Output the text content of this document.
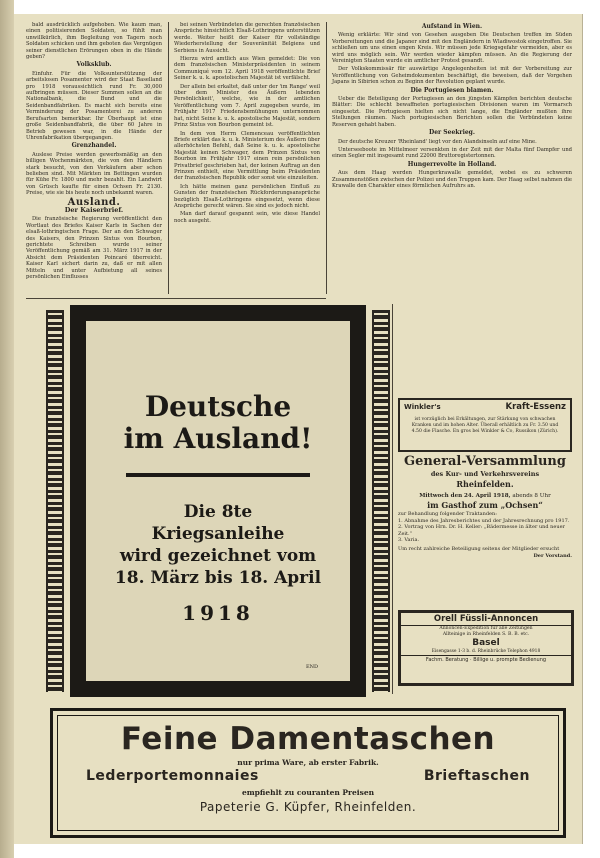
bald ausdrücklich aufgehoben. Wie kaum man, einen politisierenden Soldaten, so fühlt man unwillkürlich, ihm Begleitung von Tagern noch Soldaten schicken und ihm geboten das Vergnügen seiner dienstlichen Erörungen oben in die Hände geben?

Volksklub.

Einfuhr. Für die Volksunterstützung der arbeitslosen Posamenter wird der Staat Baselland pro 1918 voraussichtlich rund Fr. 30,000 aufbringen müssen. Dieser Summen sollen an die Nationalbank, die Bund und die Seidenbandfabriken. Es macht sich bereits eine Verminderung der Posamenterei zu anderen Berufsarten bemerkbar. Ihr Überhaupt ist eine große Seidenbandfabrik, die über 60 Jahre in Betrieb gewesen war, in die Hände der Uhrenfabrikation übergegangen.

Grenzhandel.

Auslese Preise werden gewerbsmäßig an den billigen Wochenmärkten, die von den Händlern stark besucht, von den Verkäufern aber schon belieben sind. Mit Märkten im Bettingen wurden für Kühe Fr. 1800 und mehr bezahlt. Ein Landwirt von Grüsch kaufte für einen Ochsen Fr. 2130. Preise, wie sie bis heute noch unbekannt waren.

Ausland.
Der Kaiserbrief.

Die französische Regierung veröffentlicht den Wortlaut des Briefes Kaiser Karls in Sachen der elsaß-lothringischen Frage. Der an den Schwager des Kaisers, den Prinzen Sixtus von Bourbon, gerichtete Schreiben wurde seiner Veröffentlichung gemäß am 31. März 1917 in der Absicht dem Präsidenten Poincaré überreicht. Kaiser Karl sichert darin zu, daß er mit allen Mitteln und unter Aufbietung all seines persönlichen Einflusses

bei seinen Verbündeten die gerechten französischen Ansprüche hinsichtlich Elsaß-Lothringens unterstützen werde. Weiter heißt der Kaiser für vollständige Wiederherstellung der Souveränität Belgiens und Serbiens in Aussicht.

Hierzu wird amtlich aus Wien gemeldet: Die von dem französischen Ministerpräsidenten in seinem Communiqué vom 12. April 1918 veröffentlichte Brief Seiner k. u. k. apostolischen Majestät ist verfälscht.

Der allein bei erkaltet, daß unter der 'im Range' weil über dem Minister des Äußern lebenden Persönlichkeit', welche, wie in der amtlichen Veröffentlichung vom 7. April zugegeben wurde, im Frühjahr 1917 Friedensbemühungen unternommen hat, nicht Seine k. u. k. apostolische Majestät, sondern Prinz Sixtus von Bourbon gemeint ist.

In dem von Herrn Clemenceau veröffentlichten Briefe erklärt das k. u. k. Ministerium des Äußern über allerhöchsten Befehl, daß Seine k. u. k. apostolische Majestät keinen Schwager, dem Prinzen Sixtus von Bourbon im Frühjahr 1917 einen rein persönlichen Privatbrief geschrieben hat, der keinen Auftrag an den Prinzen enthielt, eine Vermittlung beim Präsidenten der französischen Republik oder sonst wie einzuleiten.

Ich hätte meinen ganz persönlichen Einfluß zu Gunsten der französischen Rückforderungsansprüche bezüglich Elsaß-Lothringens eingesetzt, wenn diese Ansprüche gerecht wären. Sie sind es jedoch nicht.

Man darf darauf gespannt sein, wie diese Handel noch ausgeht.

Aufstand in Wien.

Wenig erklärte: Wir sind von Gesehen ausgeben Die Deutschen treffen im Süden Vorbereitungen und die Japaner sind mit den Engländern in Wladiwostok eingetroffen. Sie schließen um uns einen engen Kreis. Wir müssen jede Kriegsgefahr vermeiden, aber es wird uns möglich sein. Wir werden wieder kämpfen müssen. An die Regierung der Vereinigten Staaten wurde ein amtlicher Protest gesandt.

Der Volkskommissär für auswärtige Angelegenheiten ist mit der Vorbereitung zur Veröffentlichung von Geheimdokumenten beschäftigt, die beweisen, daß der Vorgehen Japans in Sibirien schon zu Beginn der Revolution geplant wurde.

Die Portugiesen blamen.

Ueber die Beteiligung der Portugiesen an den jüngsten Kämpfen berichten deutsche Blätter: Die schlecht bewaffneten portugiesischen Divisionen waren im Vormarsch eingesetzt. Die Portugiesen hielten sich nicht lange, die Engländer mußten ihre Stellungen räumen. Nach portugiesischen Berichten sollen die Verbündeten keine Reserven gehabt haben.

Der Seekrieg.

Der deutsche Kreuzer 'Rheinland' liegt vor den Alandsinseln auf eine Mine.

Unterseeboote im Mittelmeer versenkten in der Zeit mit der Malta fünf Dampfer und einen Segler mit insgesamt rund 22000 Bruttoregistertonnen.

Hungerrevolte in Holland.

Aus dem Haag werden Hungerkrawalle gemeldet, wobei es zu schweren Zusammenstößen zwischen der Polizei und den Truppen kam. Der Haag selbst nahmen die Krawalle den Charakter eines förmlichen Aufruhrs an.

Deutsche
im Ausland!
Die 8te
Kriegsanleihe
wird gezeichnet vom
18. März bis 18. April
1918
END
Winkler's	Kraft-Essenz
ist vorzüglich bei Erkältungen, zur Stärkung von schwachen Kranken und im hohen Alter. Überall erhältlich zu Fr. 3.50 und 4.50 die Flasche. En gros bei Winkler & Co, Russikon (Zürich).
General-Versammlung
des Kur- und Verkehrsvereins
Rheinfelden.
Mittwoch den 24. April 1918, abends 8 Uhr
im Gasthof zum „Ochsen“
zur Behandlung folgender Traktanden:
1. Abnahme des Jahresberichtes und der Jahresrechnung pro 1917.
2. Vortrag von Hrn. Dr. H. Keller: „Bädermesse in älter und neuer Zeit.“
3. Varia.
Um recht zahlreiche Beteiligung seitens der Mitglieder ersucht
Der Vorstand.
Orell Füssli-Annoncen
Annoncen-Expedition für alle Zeitungen
Allteinige in Rheinfelden S. B. B. etc.
Basel
Eisengasse 1-3 b. d. Rheinbrücke Telephon 4918
Fachm. Beratung · Billige u. prompte Bedienung
Feine Damentaschen
nur prima Ware, ab erster Fabrik.
Lederportemonnaies	Brieftaschen
empfiehlt zu couranten Preisen
Papeterie G. Küpfer, Rheinfelden.
